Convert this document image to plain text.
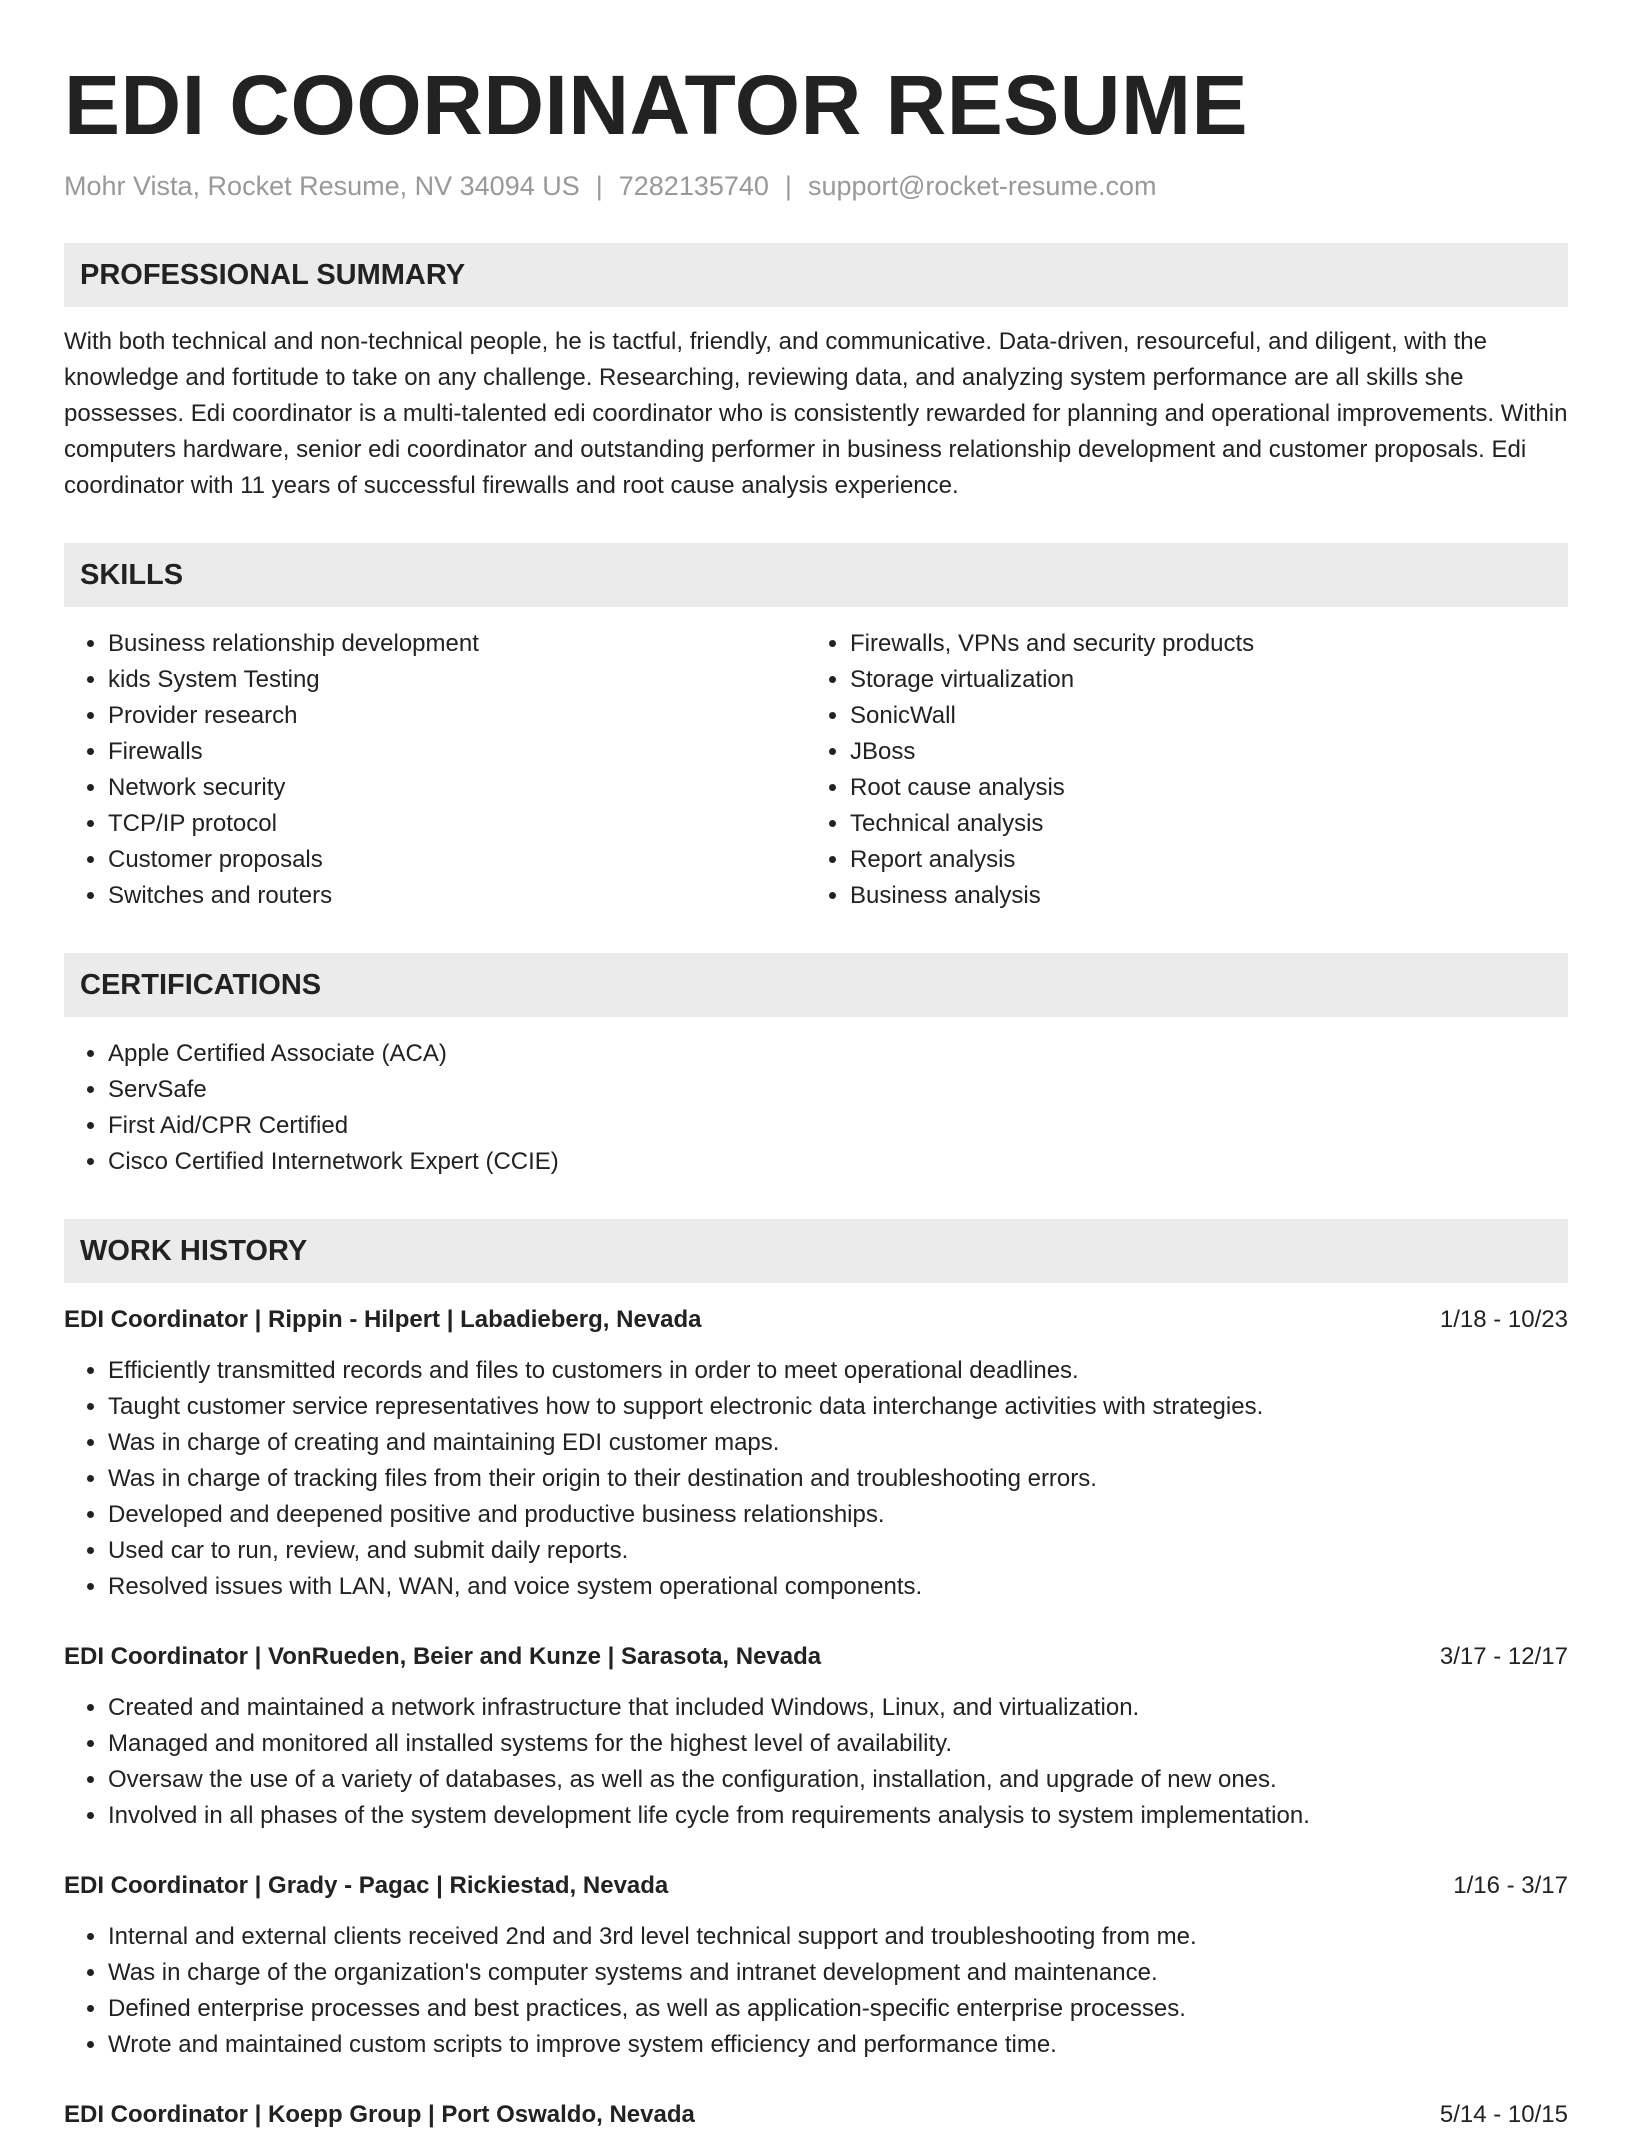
EDI COORDINATOR RESUME
Mohr Vista, Rocket Resume, NV 34094 US | 7282135740 | support@rocket-resume.com
PROFESSIONAL SUMMARY

With both technical and non-technical people, he is tactful, friendly, and communicative. Data-driven, resourceful, and diligent, with the knowledge and fortitude to take on any challenge. Researching, reviewing data, and analyzing system performance are all skills she possesses. Edi coordinator is a multi-talented edi coordinator who is consistently rewarded for planning and operational improvements. Within computers hardware, senior edi coordinator and outstanding performer in business relationship development and customer proposals. Edi coordinator with 11 years of successful firewalls and root cause analysis experience.

SKILLS
• Business relationship development
• kids System Testing
• Provider research
• Firewalls
• Network security
• TCP/IP protocol
• Customer proposals
• Switches and routers
• Firewalls, VPNs and security products
• Storage virtualization
• SonicWall
• JBoss
• Root cause analysis
• Technical analysis
• Report analysis
• Business analysis
CERTIFICATIONS
• Apple Certified Associate (ACA)
• ServSafe
• First Aid/CPR Certified
• Cisco Certified Internetwork Expert (CCIE)
WORK HISTORY
EDI Coordinator | Rippin - Hilpert | Labadieberg, Nevada	1/18 - 10/23
• Efficiently transmitted records and files to customers in order to meet operational deadlines.
• Taught customer service representatives how to support electronic data interchange activities with strategies.
• Was in charge of creating and maintaining EDI customer maps.
• Was in charge of tracking files from their origin to their destination and troubleshooting errors.
• Developed and deepened positive and productive business relationships.
• Used car to run, review, and submit daily reports.
• Resolved issues with LAN, WAN, and voice system operational components.
EDI Coordinator | VonRueden, Beier and Kunze | Sarasota, Nevada	3/17 - 12/17
• Created and maintained a network infrastructure that included Windows, Linux, and virtualization.
• Managed and monitored all installed systems for the highest level of availability.
• Oversaw the use of a variety of databases, as well as the configuration, installation, and upgrade of new ones.
• Involved in all phases of the system development life cycle from requirements analysis to system implementation.
EDI Coordinator | Grady - Pagac | Rickiestad, Nevada	1/16 - 3/17
• Internal and external clients received 2nd and 3rd level technical support and troubleshooting from me.
• Was in charge of the organization's computer systems and intranet development and maintenance.
• Defined enterprise processes and best practices, as well as application-specific enterprise processes.
• Wrote and maintained custom scripts to improve system efficiency and performance time.
EDI Coordinator | Koepp Group | Port Oswaldo, Nevada	5/14 - 10/15
